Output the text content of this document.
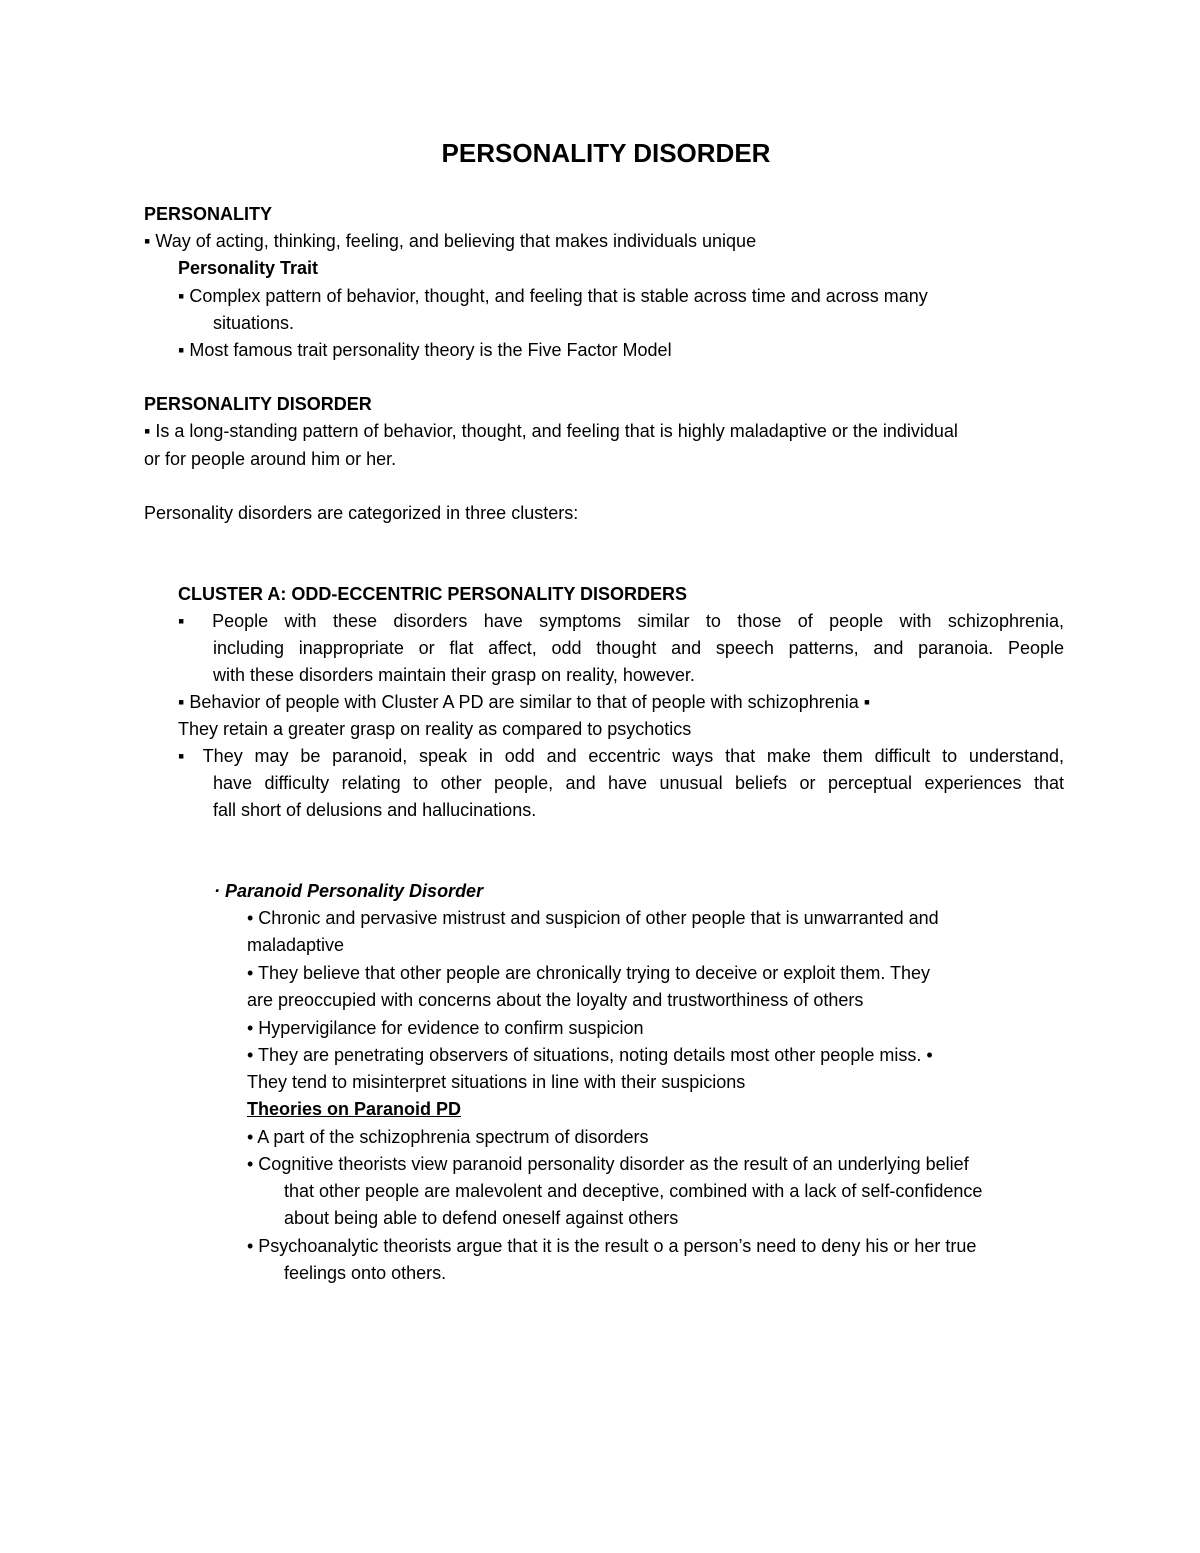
PERSONALITY DISORDER
PERSONALITY
▪ Way of acting, thinking, feeling, and believing that makes individuals unique
Personality Trait
▪ Complex pattern of behavior, thought, and feeling that is stable across time and across many
situations.
▪ Most famous trait personality theory is the Five Factor Model
PERSONALITY DISORDER
▪ Is a long-standing pattern of behavior, thought, and feeling that is highly maladaptive or the individual
or for people around him or her.
Personality disorders are categorized in three clusters:
CLUSTER A: ODD-ECCENTRIC PERSONALITY DISORDERS
▪ People with these disorders have symptoms similar to those of people with schizophrenia,
including inappropriate or flat affect, odd thought and speech patterns, and paranoia. People
with these disorders maintain their grasp on reality, however.
▪ Behavior of people with Cluster A PD are similar to that of people with schizophrenia ▪
They retain a greater grasp on reality as compared to psychotics
▪ They may be paranoid, speak in odd and eccentric ways that make them difficult to understand,
have difficulty relating to other people, and have unusual beliefs or perceptual experiences that
fall short of delusions and hallucinations.
· Paranoid Personality Disorder
• Chronic and pervasive mistrust and suspicion of other people that is unwarranted and
maladaptive
• They believe that other people are chronically trying to deceive or exploit them. They
are preoccupied with concerns about the loyalty and trustworthiness of others
• Hypervigilance for evidence to confirm suspicion
• They are penetrating observers of situations, noting details most other people miss. •
They tend to misinterpret situations in line with their suspicions
Theories on Paranoid PD
• A part of the schizophrenia spectrum of disorders
• Cognitive theorists view paranoid personality disorder as the result of an underlying belief
that other people are malevolent and deceptive, combined with a lack of self-confidence
about being able to defend oneself against others
• Psychoanalytic theorists argue that it is the result o a person’s need to deny his or her true
feelings onto others.
